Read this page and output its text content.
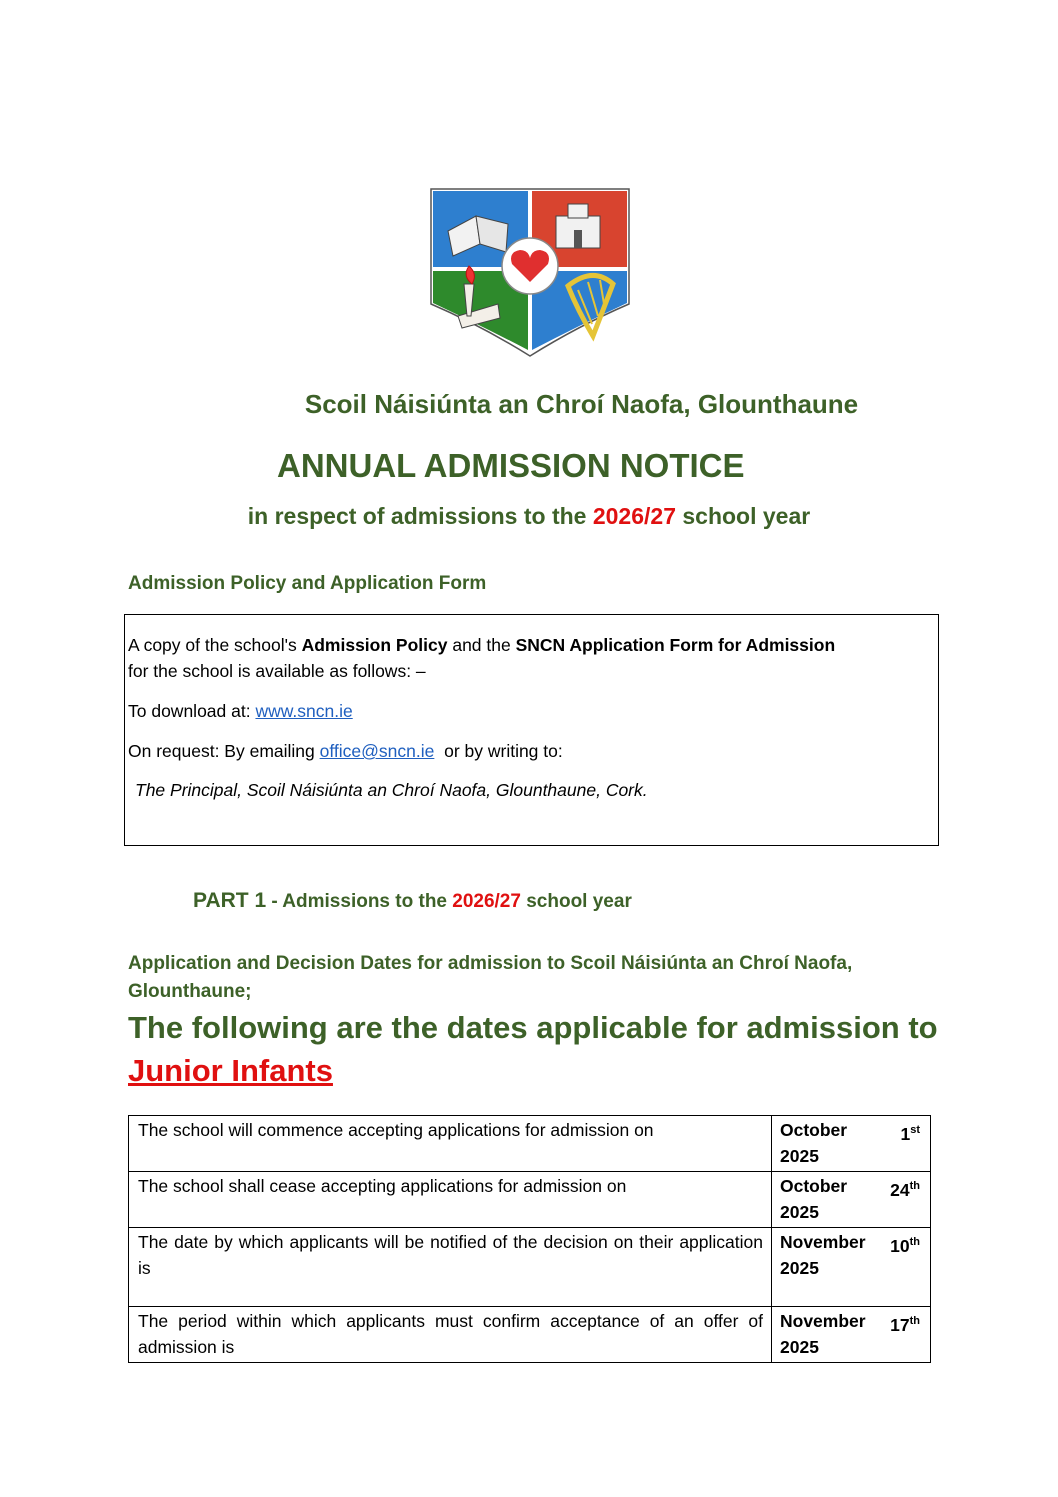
Scoil Náisiúnta an Chroí Naofa, Glounthaune
ANNUAL ADMISSION NOTICE
in respect of admissions to the 2026/27 school year
Admission Policy and Application Form
A copy of the school's Admission Policy and the SNCN Application Form for Admission
for the school is available as follows: –
To download at: www.sncn.ie
On request: By emailing office@sncn.ie  or by writing to:
The Principal, Scoil Náisiúnta an Chroí Naofa, Glounthaune, Cork.
PART 1 - Admissions to the 2026/27 school year
Application and Decision Dates for admission to Scoil Náisiúnta an Chroí Naofa, Glounthaune;
The following are the dates applicable for admission to Junior Infants
The school will commence accepting applications for admission on	October 1st
2025

The school shall cease accepting applications for admission on	October 24th
2025

The date by which applicants will be notified of the decision on their application is	November 10th
2025

The period within which applicants must confirm acceptance of an offer of admission is	November 17th
2025
